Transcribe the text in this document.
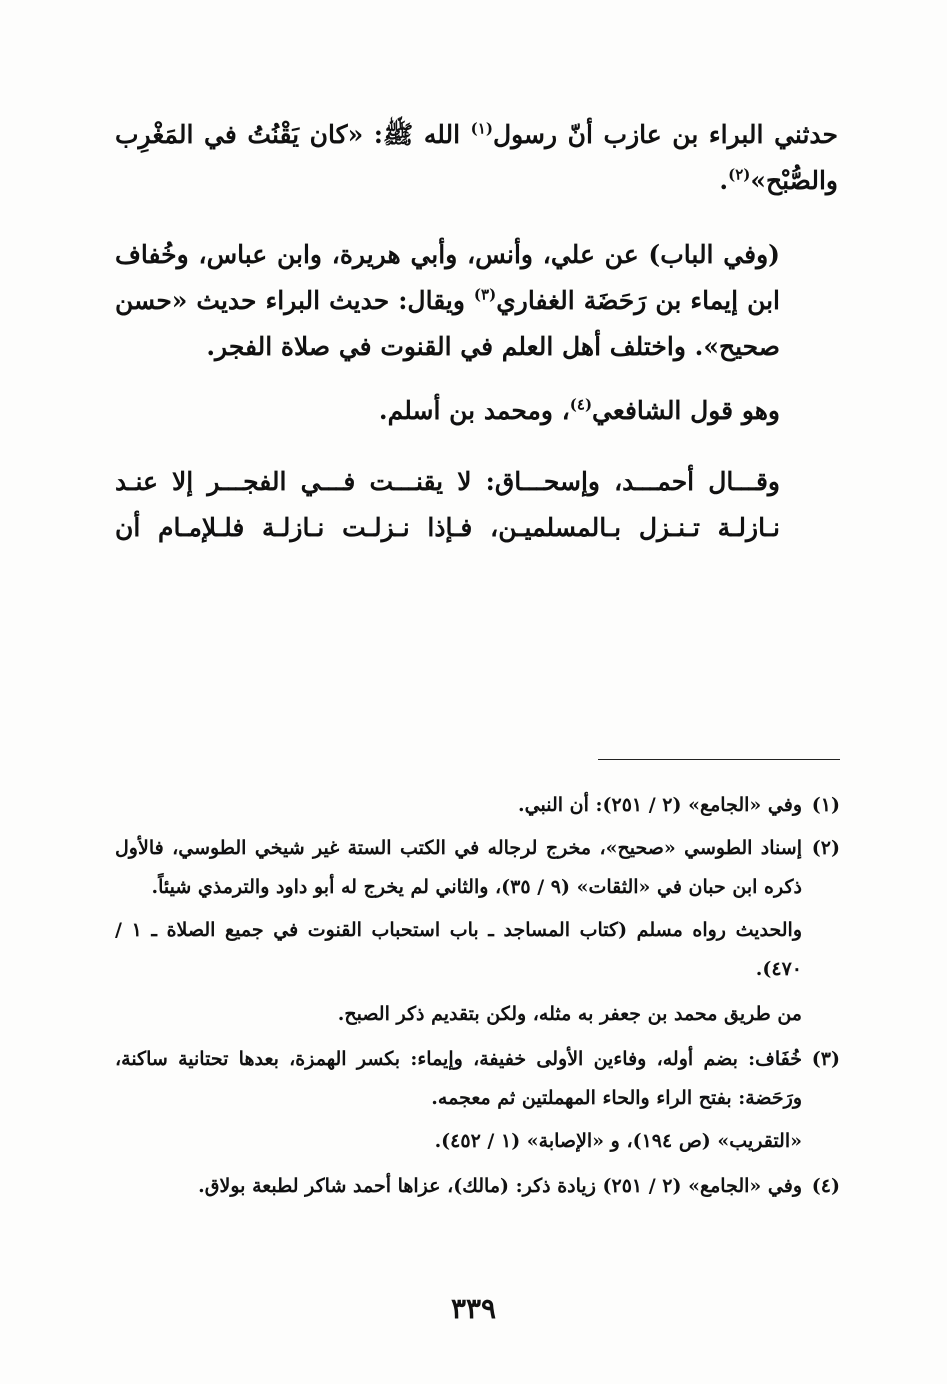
حدثني البراء بن عازب أنّ رسول$^{(١)}$ الله ﷺ: «كان يَقْنُتُ في المَغْرِب والصُّبْح»$^{(٢)}$.

(وفي الباب) عن علي، وأنس، وأبي هريرة، وابن عباس، وخُفاف ابن إيماء بن رَحَضَة الغفاري$^{(٣)}$ ويقال: حديث البراء حديث «حسن صحيح». واختلف أهل العلم في القنوت في صلاة الفجر.

وهو قول الشافعي$^{(٤)}$، ومحمد بن أسلم.

وقـــال أحمـــد، وإسحـــاق: لا يقنـــت فـــي الفجـــر إلا عنـد نـازلـة تـنـزل بـالمسلميـن، فـإذا نـزلـت نـازلـة فلـلإمـام أن

(١)

وفي «الجامع» (٢ / ٢٥١): أن النبي.

(٢)

إسناد الطوسي «صحيح»، مخرج لرجاله في الكتب الستة غير شيخي الطوسي، فالأول ذكره ابن حبان في «الثقات» (٩ / ٣٥)، والثاني لم يخرج له أبو داود والترمذي شيئاً.

والحديث رواه مسلم (كتاب المساجد ـ باب استحباب القنوت في جميع الصلاة ـ ١ / ٤٧٠).

من طريق محمد بن جعفر به مثله، ولكن بتقديم ذكر الصبح.

(٣)

خُفَاف: بضم أوله، وفاءين الأولى خفيفة، وإيماء: بكسر الهمزة، بعدها تحتانية ساكنة، ورَحَضة: بفتح الراء والحاء المهملتين ثم معجمه.

«التقريب» (ص ١٩٤)، و «الإصابة» (١ / ٤٥٢).

(٤)

وفي «الجامع» (٢ / ٢٥١) زيادة ذكر: (مالك)، عزاها أحمد شاكر لطبعة بولاق.

٣٣٩
